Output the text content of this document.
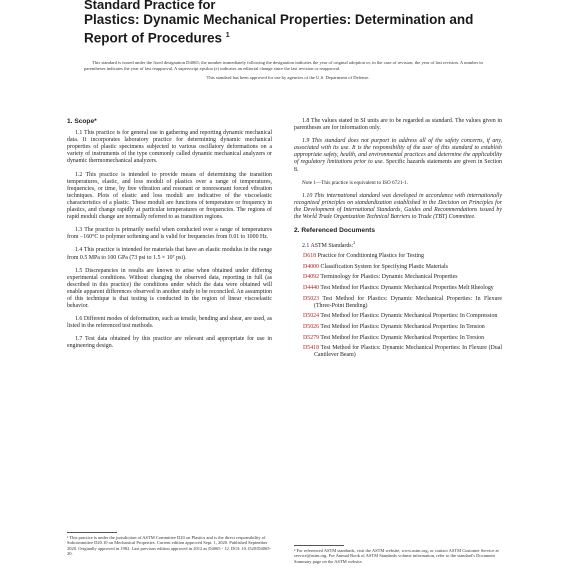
Standard Practice for
Plastics: Dynamic Mechanical Properties: Determination and
Report of Procedures $^1$

This standard is issued under the fixed designation D4065; the number immediately following the designation indicates the year of original adoption or, in the case of revision, the year of last revision. A number in parentheses indicates the year of last reapproval. A superscript epsilon (ε) indicates an editorial change since the last revision or reapproval.

This standard has been approved for use by agencies of the U.S. Department of Defense.

1. Scope*

1.1 This practice is for general use in gathering and reporting dynamic mechanical data. It incorporates laboratory practice for determining dynamic mechanical properties of plastic specimens subjected to various oscillatory deformations on a variety of instruments of the type commonly called dynamic mechanical analyzers or dynamic thermomechanical analyzers.

1.2 This practice is intended to provide means of determining the transition temperatures, elastic, and loss moduli of plastics over a range of temperatures, frequencies, or time, by free vibration and resonant or nonresonant forced vibration techniques. Plots of elastic and loss moduli are indicative of the viscoelastic characteristics of a plastic. These moduli are functions of temperature or frequency in plastics, and change rapidly at particular temperatures or frequencies. The regions of rapid moduli change are normally referred to as transition regions.

1.3 The practice is primarily useful when conducted over a range of temperatures from −160°C to polymer softening and is valid for frequencies from 0.01 to 1000 Hz.

1.4 This practice is intended for materials that have an elastic modulus in the range from 0.5 MPa to 100 GPa (73 psi to 1.5 × 10⁷ psi).

1.5 Discrepancies in results are known to arise when obtained under differing experimental conditions. Without changing the observed data, reporting in full (as described in this practice) the conditions under which the data were obtained will enable apparent differences observed in another study to be reconciled. An assumption of this technique is that testing is conducted in the region of linear viscoelastic behavior.

1.6 Different modes of deformation, such as tensile, bending and shear, are used, as listed in the referenced test methods.

1.7 Test data obtained by this practice are relevant and appropriate for use in engineering design.

¹ This practice is under the jurisdiction of ASTM Committee D20 on Plastics and is the direct responsibility of Subcommittee D20.10 on Mechanical Properties. Current edition approved Sept. 1, 2020. Published September 2020. Originally approved in 1982. Last previous edition approved in 2012 as D4065 - 12. DOI: 10.1520/D4065-20.

1.8 The values stated in SI units are to be regarded as standard. The values given in parentheses are for information only.

1.9 This standard does not purport to address all of the safety concerns, if any, associated with its use. It is the responsibility of the user of this standard to establish appropriate safety, health, and environmental practices and determine the applicability of regulatory limitations prior to use. Specific hazards statements are given in Section 8.

Note 1—This practice is equivalent to ISO 6721-1.

1.10 This international standard was developed in accordance with internationally recognized principles on standardization established in the Decision on Principles for the Development of International Standards, Guides and Recommendations issued by the World Trade Organization Technical Barriers to Trade (TBT) Committee.

2. Referenced Documents

2.1 ASTM Standards:$^2$

D618 Practice for Conditioning Plastics for Testing
D4000 Classification System for Specifying Plastic Materials
D4092 Terminology for Plastics: Dynamic Mechanical Properties
D4440 Test Method for Plastics: Dynamic Mechanical Properties Melt Rheology
D5023 Test Method for Plastics: Dynamic Mechanical Properties: In Flexure (Three-Point Bending)
D5024 Test Method for Plastics: Dynamic Mechanical Properties: In Compression
D5026 Test Method for Plastics: Dynamic Mechanical Properties: In Tension
D5279 Test Method for Plastics: Dynamic Mechanical Properties: In Torsion
D5418 Test Method for Plastics: Dynamic Mechanical Properties: In Flexure (Dual Cantilever Beam)
² For referenced ASTM standards, visit the ASTM website, www.astm.org, or contact ASTM Customer Service at service@astm.org. For Annual Book of ASTM Standards volume information, refer to the standard's Document Summary page on the ASTM website.
